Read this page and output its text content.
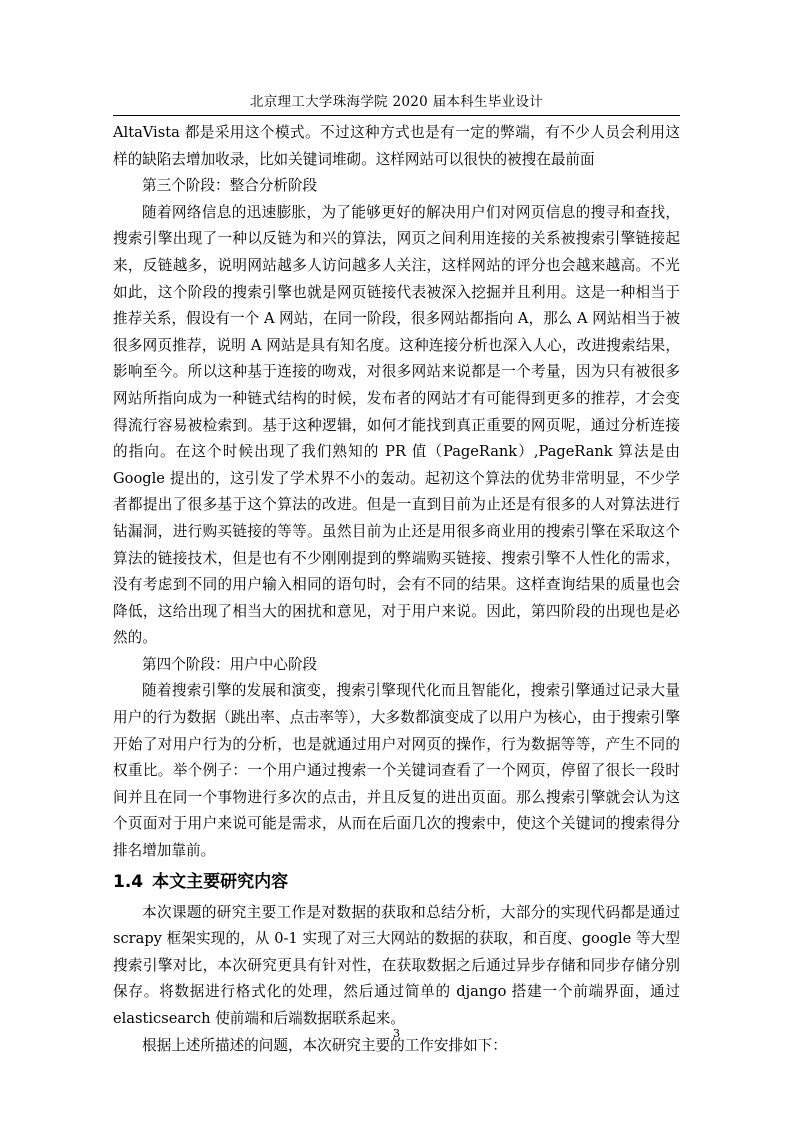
北京理工大学珠海学院 2020 届本科生毕业设计

AltaVista 都是采用这个模式。不过这种方式也是有一定的弊端，有不少人员会利用这样的缺陷去增加收录，比如关键词堆砌。这样网站可以很快的被搜在最前面

第三个阶段：整合分析阶段

随着网络信息的迅速膨胀，为了能够更好的解决用户们对网页信息的搜寻和查找，搜索引擎出现了一种以反链为和兴的算法，网页之间利用连接的关系被搜索引擎链接起来，反链越多，说明网站越多人访问越多人关注，这样网站的评分也会越来越高。不光如此，这个阶段的搜索引擎也就是网页链接代表被深入挖掘并且利用。这是一种相当于推荐关系，假设有一个 A 网站，在同一阶段，很多网站都指向 A，那么 A 网站相当于被很多网页推荐，说明 A 网站是具有知名度。这种连接分析也深入人心，改进搜索结果，影响至今。所以这种基于连接的吻戏，对很多网站来说都是一个考量，因为只有被很多网站所指向成为一种链式结构的时候，发布者的网站才有可能得到更多的推荐，才会变得流行容易被检索到。基于这种逻辑，如何才能找到真正重要的网页呢，通过分析连接的指向。在这个时候出现了我们熟知的 PR 值（PageRank）,PageRank 算法是由 Google 提出的，这引发了学术界不小的轰动。起初这个算法的优势非常明显，不少学者都提出了很多基于这个算法的改进。但是一直到目前为止还是有很多的人对算法进行钻漏洞，进行购买链接的等等。虽然目前为止还是用很多商业用的搜索引擎在采取这个算法的链接技术，但是也有不少刚刚提到的弊端购买链接、搜索引擎不人性化的需求，没有考虑到不同的用户输入相同的语句时，会有不同的结果。这样查询结果的质量也会降低，这给出现了相当大的困扰和意见，对于用户来说。因此，第四阶段的出现也是必然的。

第四个阶段：用户中心阶段

随着搜索引擎的发展和演变，搜索引擎现代化而且智能化，搜索引擎通过记录大量用户的行为数据（跳出率、点击率等），大多数都演变成了以用户为核心，由于搜索引擎开始了对用户行为的分析，也是就通过用户对网页的操作，行为数据等等，产生不同的权重比。举个例子：一个用户通过搜索一个关键词查看了一个网页，停留了很长一段时间并且在同一个事物进行多次的点击，并且反复的进出页面。那么搜索引擎就会认为这个页面对于用户来说可能是需求，从而在后面几次的搜索中，使这个关键词的搜索得分排名增加靠前。

1.4 本文主要研究内容

本次课题的研究主要工作是对数据的获取和总结分析，大部分的实现代码都是通过 scrapy 框架实现的，从 0-1 实现了对三大网站的数据的获取，和百度、google 等大型搜索引擎对比，本次研究更具有针对性，在获取数据之后通过异步存储和同步存储分别保存。将数据进行格式化的处理，然后通过简单的 django 搭建一个前端界面，通过 elasticsearch 使前端和后端数据联系起来。

根据上述所描述的问题，本次研究主要的工作安排如下：

3
